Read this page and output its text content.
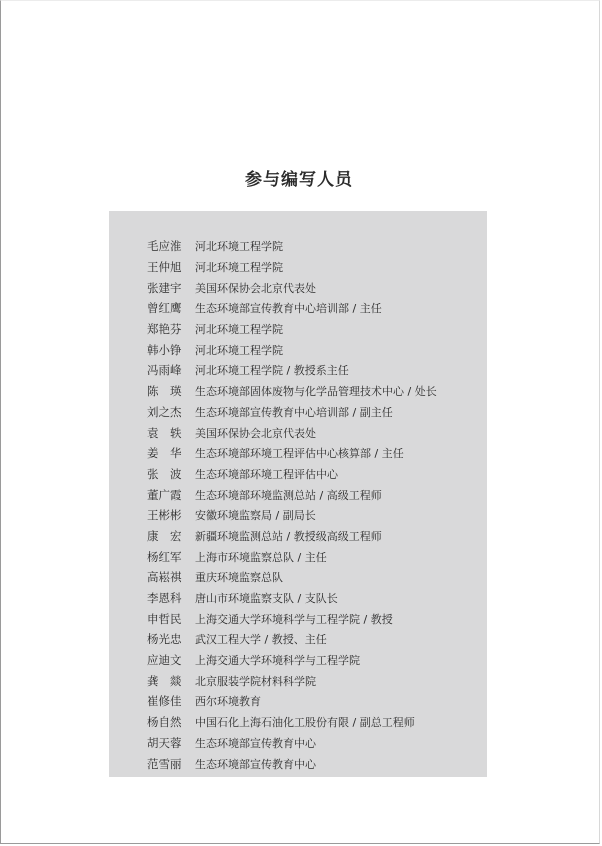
参与编写人员
毛应淮	河北环境工程学院
王仲旭	河北环境工程学院
张建宇	美国环保协会北京代表处
曾红鹰	生态环境部宣传教育中心培训部 / 主任
郑艳芬	河北环境工程学院
韩小铮	河北环境工程学院
冯雨峰	河北环境工程学院 / 教授系主任
陈　瑛	生态环境部固体废物与化学品管理技术中心 / 处长
刘之杰	生态环境部宣传教育中心培训部 / 副主任
袁　轶	美国环保协会北京代表处
姜　华	生态环境部环境工程评估中心核算部 / 主任
张　波	生态环境部环境工程评估中心
董广霞	生态环境部环境监测总站 / 高级工程师
王彬彬	安徽环境监察局 / 副局长
康　宏	新疆环境监测总站 / 教授级高级工程师
杨红军	上海市环境监察总队 / 主任
高崧祺	重庆环境监察总队
李恩科	唐山市环境监察支队 / 支队长
申哲民	上海交通大学环境科学与工程学院 / 教授
杨光忠	武汉工程大学 / 教授、主任
应迪文	上海交通大学环境科学与工程学院
龚　燚	北京服装学院材料科学院
崔修佳	西尔环境教育
杨自然	中国石化上海石油化工股份有限 / 副总工程师
胡天蓉	生态环境部宣传教育中心
范雪丽	生态环境部宣传教育中心
